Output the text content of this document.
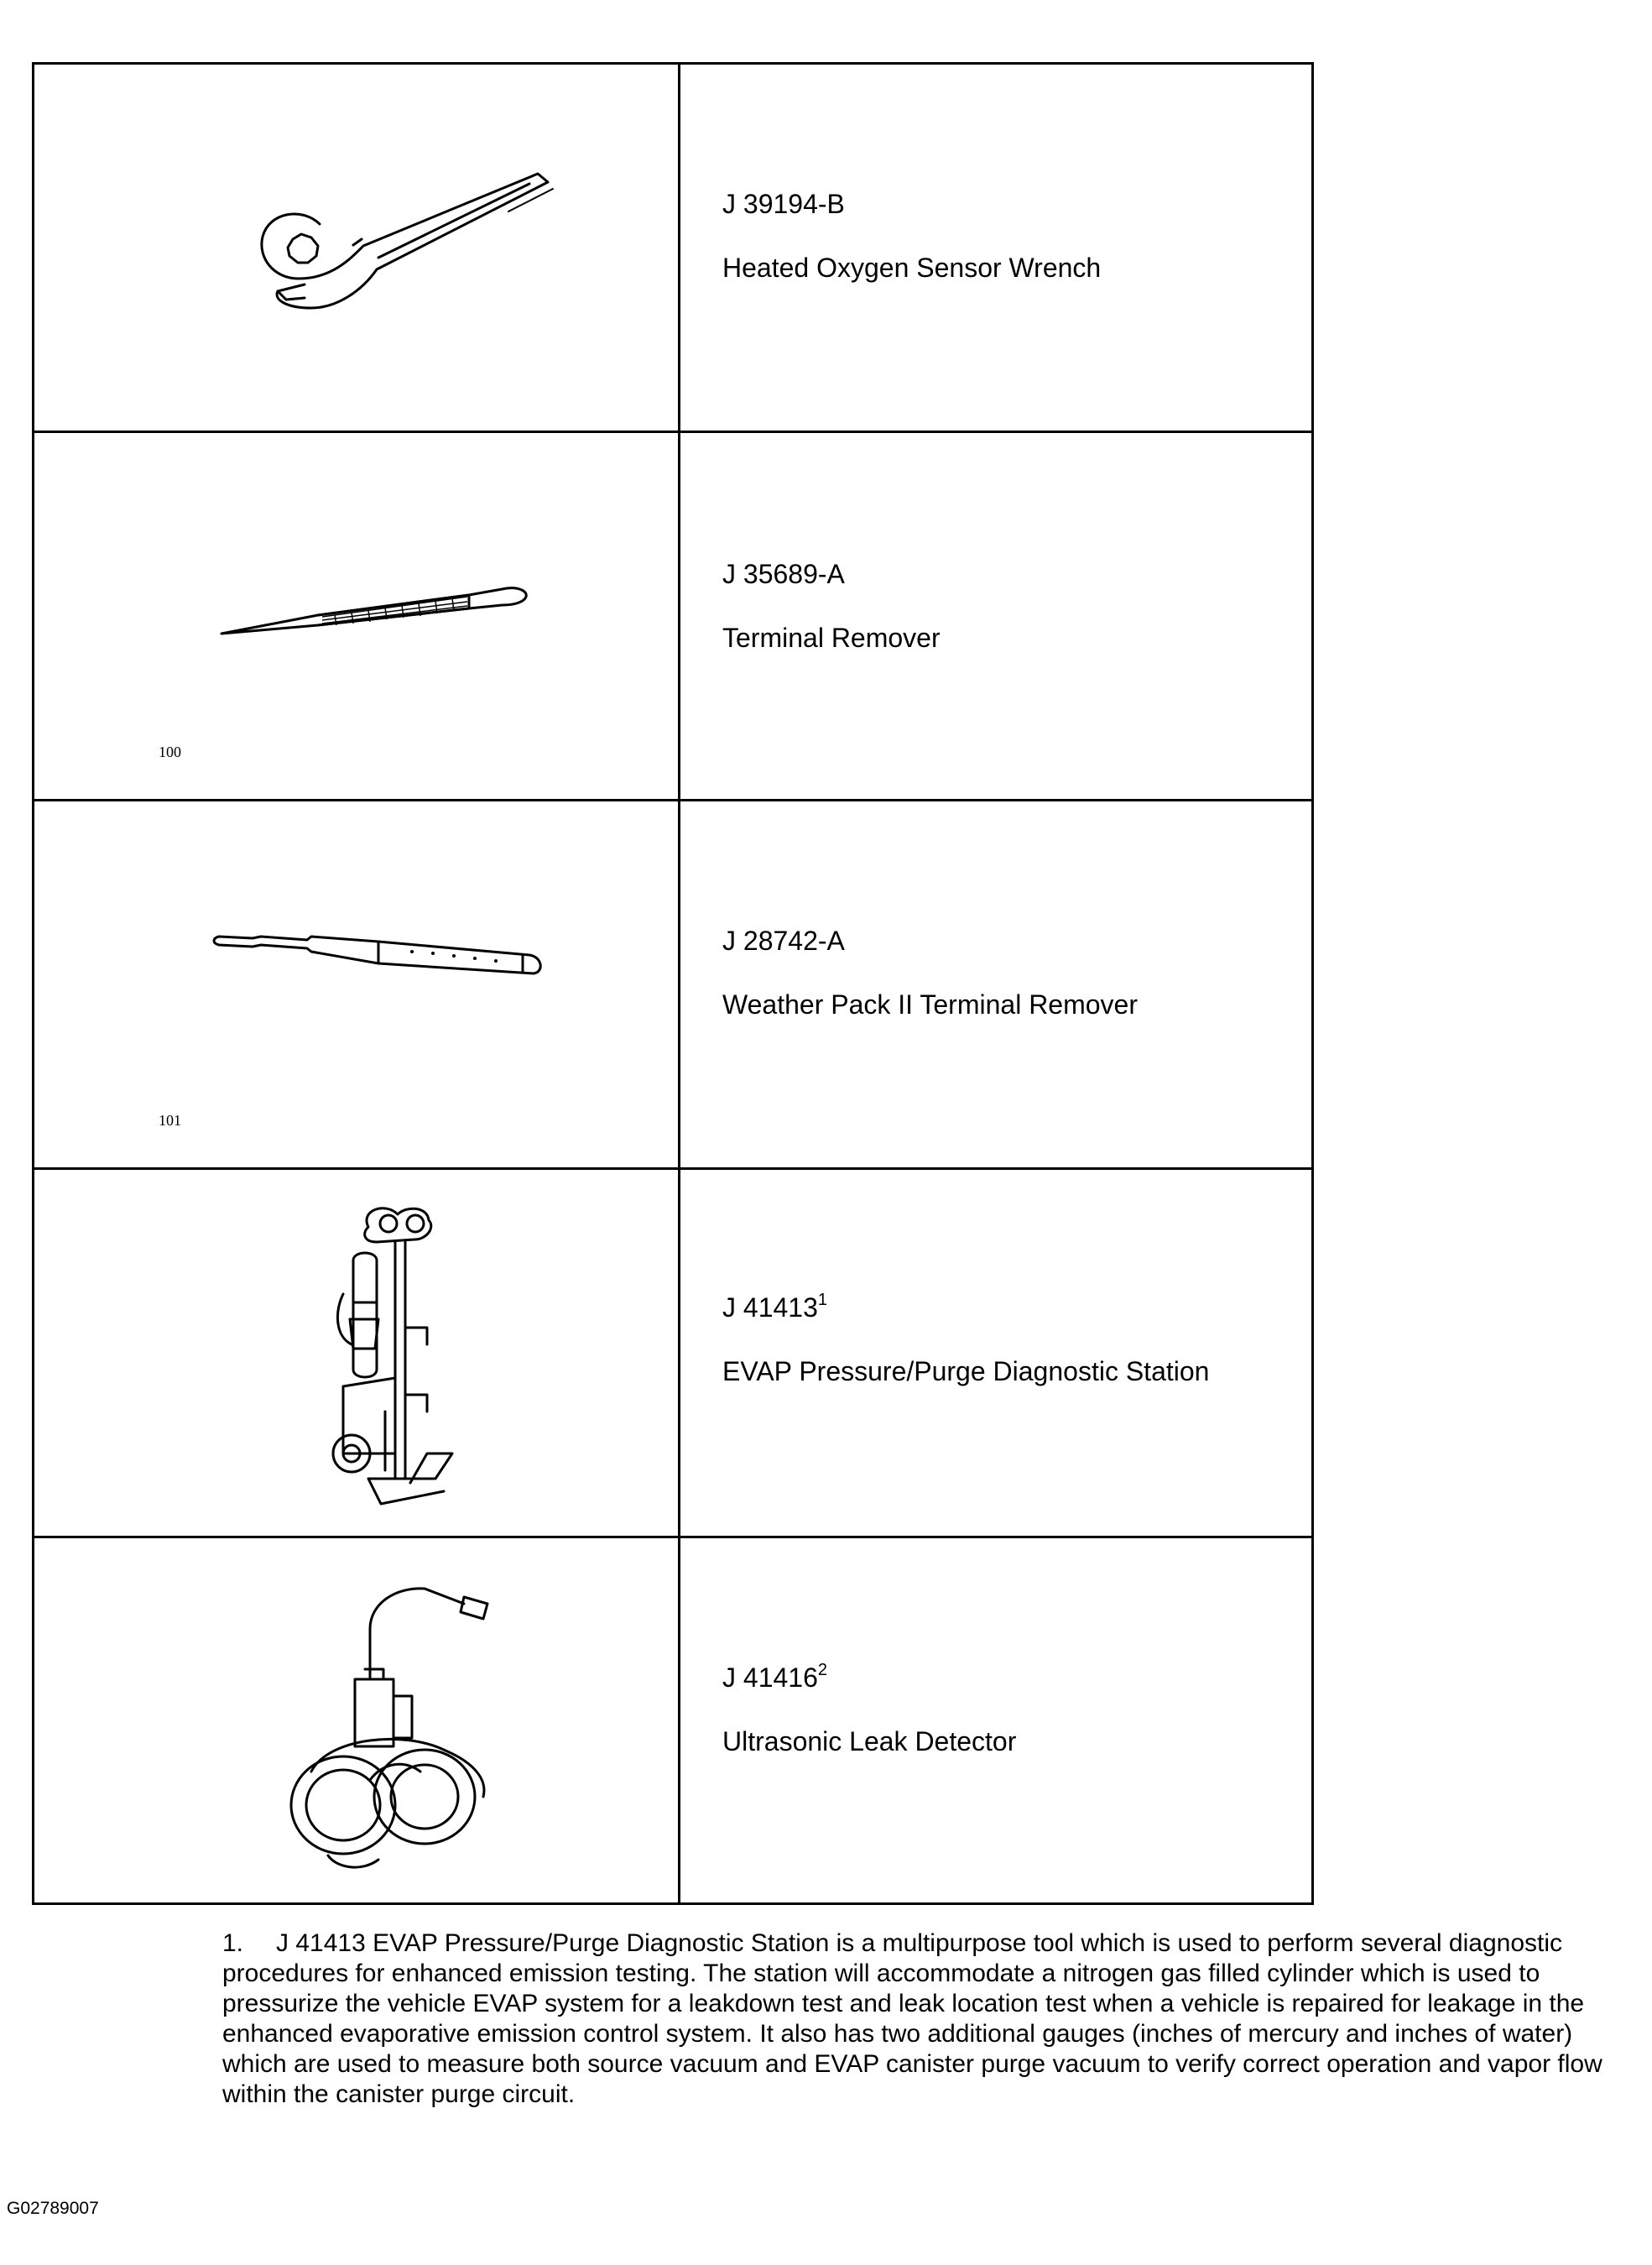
J 39194-B
Heated Oxygen Sensor Wrench
100
J 35689-A
Terminal Remover
101
J 28742-A
Weather Pack II Terminal Remover
J 41413$^1$
EVAP Pressure/Purge Diagnostic Station
J 41416$^2$
Ultrasonic Leak Detector
1. J 41413 EVAP Pressure/Purge Diagnostic Station is a multipurpose tool which is used to perform several diagnostic procedures for enhanced emission testing. The station will accommodate a nitrogen gas filled cylinder which is used to pressurize the vehicle EVAP system for a leakdown test and leak location test when a vehicle is repaired for leakage in the enhanced evaporative emission control system. It also has two additional gauges (inches of mercury and inches of water) which are used to measure both source vacuum and EVAP canister purge vacuum to verify correct operation and vapor flow within the canister purge circuit.
G02789007
